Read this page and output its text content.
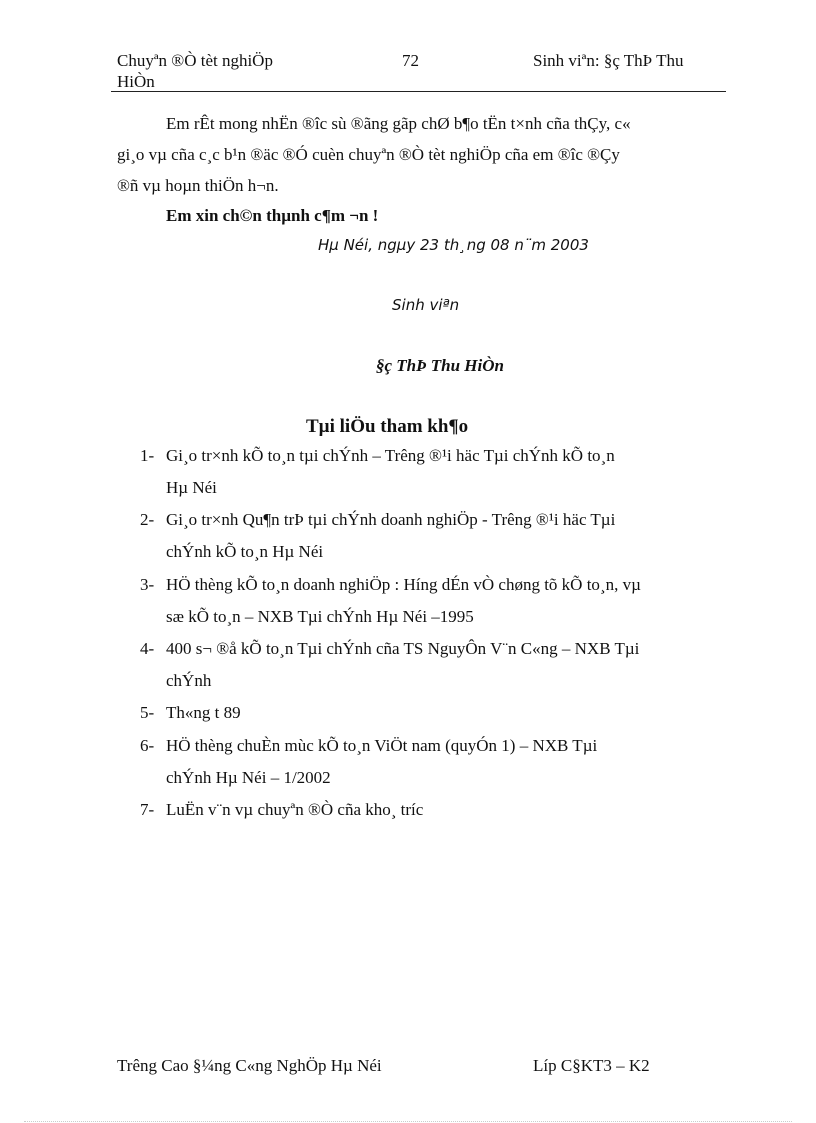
Chuyªn ®Ò tèt nghiÖp
HiÒn
72	Sinh viªn: §ç ThÞ Thu
Em rÊt mong nhËn ®îc sù ®ãng gãp chØ b¶o tËn t×nh cña thÇy, c«
gi¸o vµ cña c¸c b¹n ®äc ®Ó cuèn chuyªn ®Ò tèt nghiÖp cña em ®îc ®Çy
®ñ vµ hoµn thiÖn h¬n.
Em xin ch©n thµnh c¶m ¬n !
Hµ Néi, ngµy 23 th¸ng 08 n¨m 2003
Sinh viªn
§ç ThÞ Thu HiÒn
Tµi liÖu tham kh¶o
1- Gi¸o tr×nh kÕ to¸n tµi chÝnh – Trêng ®¹i häc Tµi chÝnh kÕ to¸n
Hµ Néi
2- Gi¸o tr×nh Qu¶n trÞ tµi chÝnh doanh nghiÖp - Trêng ®¹i häc Tµi
chÝnh kÕ to¸n Hµ Néi
3- HÖ thèng kÕ to¸n doanh nghiÖp : Híng dÉn vÒ chøng tõ kÕ to¸n, vµ
sæ kÕ to¸n – NXB Tµi chÝnh Hµ Néi –1995
4- 400 s¬ ®å kÕ to¸n Tµi chÝnh cña TS NguyÔn V¨n C«ng – NXB Tµi
chÝnh
5- Th«ng t 89
6- HÖ thèng chuÈn mùc kÕ to¸n ViÖt nam (quyÓn 1) – NXB Tµi
chÝnh Hµ Néi – 1/2002
7- LuËn v¨n vµ chuyªn ®Ò cña kho¸ tríc
Trêng Cao §¼ng C«ng NghÖp Hµ Néi	Líp C§KT3 – K2
